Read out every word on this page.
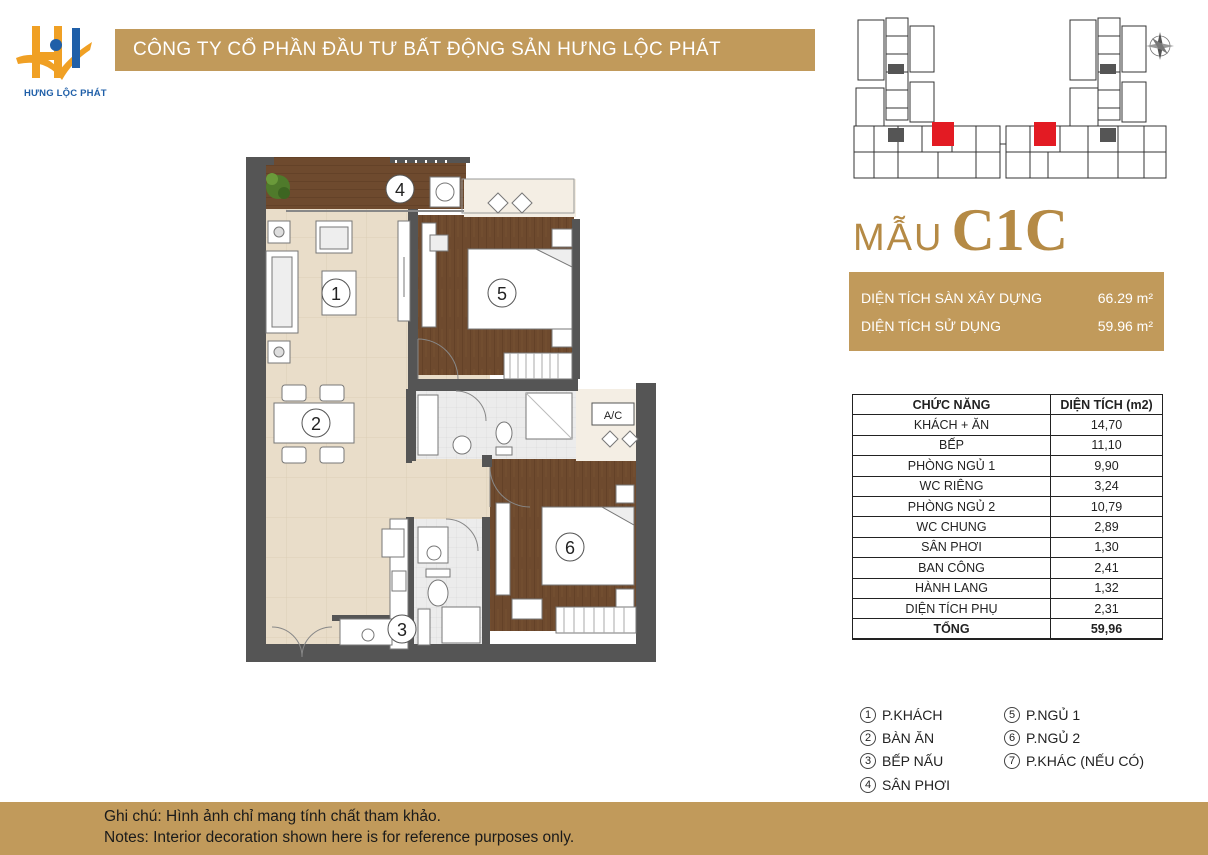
HƯNG LỘC PHÁT
CÔNG TY CỔ PHẦN ĐẦU TƯ BẤT ĐỘNG SẢN HƯNG LỘC PHÁT
MẪU C1C
DIỆN TÍCH SÀN XÂY DỰNG	66.29 m²
DIỆN TÍCH SỬ DỤNG	59.96 m²
CHỨC NĂNG	DIỆN TÍCH (m2)
KHÁCH + ĂN	14,70
BẾP	11,10
PHÒNG NGỦ 1	9,90
WC RIÊNG	3,24
PHÒNG NGỦ 2	10,79
WC CHUNG	2,89
SÂN PHƠI	1,30
BAN CÔNG	2,41
HÀNH LANG	1,32
DIỆN TÍCH PHỤ	2,31
TỔNG	59,96
1 P.KHÁCH
2 BÀN ĂN
3 BẾP NẤU
4 SÂN PHƠI
5 P.NGỦ 1
6 P.NGỦ 2
7 P.KHÁC (NẾU CÓ)
A/C
1
2
3
4
5
6
Ghi chú: Hình ảnh chỉ mang tính chất tham khảo.
Notes: Interior decoration shown here is for reference purposes only.
